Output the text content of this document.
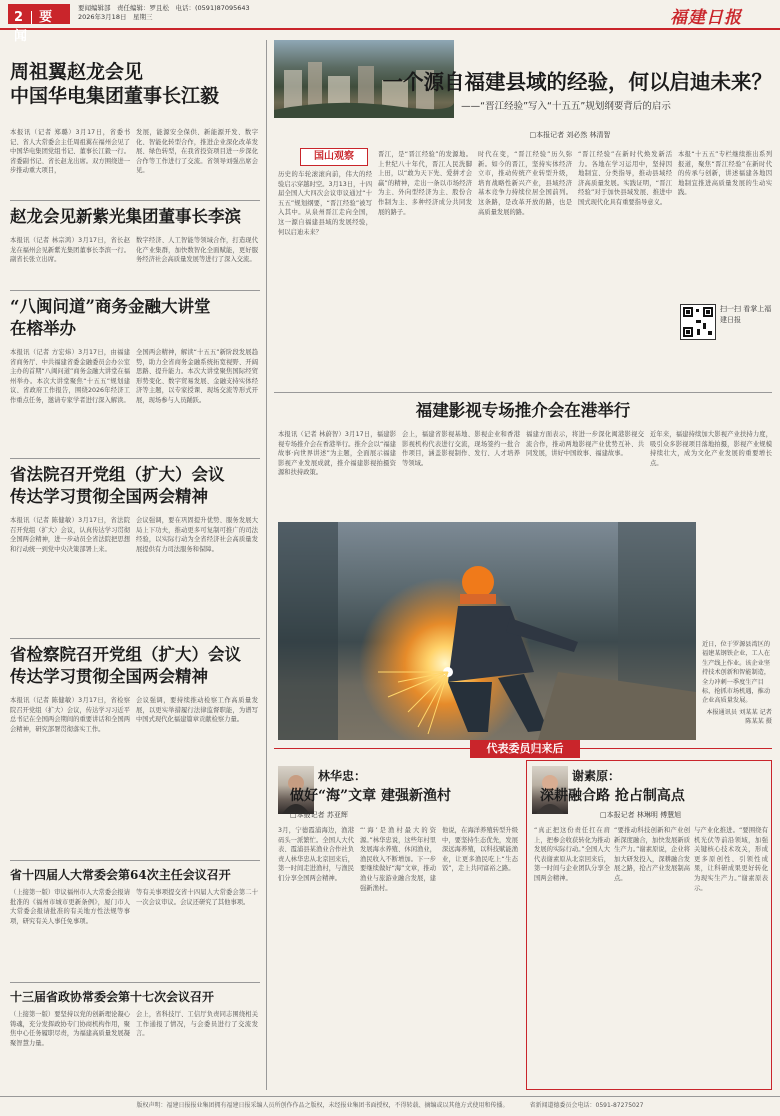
2 要闻
要闻编辑部　责任编辑：罗且松　电话：(0591)87095643
2026年3月18日　星期三	福建日报
周祖翼赵龙会见
中国华电集团董事长江毅
本报讯（记者 郑璐）3月17日，省委书记、省人大常委会主任周祖翼在福州会见了中国华电集团党组书记、董事长江毅一行。省委副书记、省长赵龙出席。双方围绕进一步推动重大项目，
发展，能源安全保供、新能源开发、数字化、智能化转型合作，推进企业深化改革发展、绿色转型，在我省投资项目进一步深化合作等工作进行了交流。省领导刘强出席会见。
赵龙会见新紫光集团董事长李滨
本报讯（记者 林宗鸿）3月17日，省长赵龙在福州会见新紫光集团董事长李滨一行。副省长张立出席。
数字经济、人工智能等领域合作，打造现代化产业集群，加快数智化全面赋能，更好服务经济社会高质量发展等进行了深入交流。
“八闽问道”商务金融大讲堂
在榕举办
本报讯（记者 方宏炜）3月17日，由福建省商务厅、中共福建省委金融委员会办公室主办的首期“八闽问道”商务金融大讲堂在福州举办。本次大讲堂聚焦“十五五”规划建议、省政府工作报告，围绕2026年经济工作重点任务，邀请专家学者进行深入解读。
全国两会精神，解读“十五五”新阶段发展趋势，助力全省商务金融系统拓宽视野、开阔思路、提升能力。本次大讲堂聚焦国际经贸形势变化、数字贸易发展、金融支持实体经济等主题，以专家授课、现场交流等形式开展，现场参与人员踊跃。
省法院召开党组（扩大）会议
传达学习贯彻全国两会精神
本报讯（记者 陈健敏）3月17日，省法院召开党组（扩大）会议，认真传达学习贯彻全国两会精神，进一步动员全省法院把思想和行动统一到党中央决策部署上来。
会议强调，要在巩固提升优势、服务发展大局上下功夫，推动更多可复制可推广的司法经验，以实际行动为全省经济社会高质量发展提供有力司法服务和保障。
省检察院召开党组（扩大）会议
传达学习贯彻全国两会精神
本报讯（记者 陈健敏）3月17日，省检察院召开党组（扩大）会议，传达学习习近平总书记在全国两会期间的重要讲话和全国两会精神，研究部署贯彻落实工作。
会议强调，要持续推动检察工作高质量发展，以更实举措履行法律监督职能，为谱写中国式现代化福建篇章贡献检察力量。
省十四届人大常委会第64次主任会议召开
（上接第一版）审议福州市人大常委会报请批准的《福州市城市更新条例》，厦门市人大常委会报请批准的有关地方性法规等事项，研究有关人事任免事项。
等有关事项提交省十四届人大常委会第二十一次会议审议。会议还研究了其他事项。
十三届省政协常委会第十七次会议召开
（上接第一版）要坚持以党的创新理论凝心铸魂，充分发挥政协专门协商机构作用，聚焦中心任务履职尽责，为福建高质量发展凝聚智慧力量。
会上，省科技厅、工信厅负责同志围绕相关工作通报了情况，与会委员进行了交流发言。
一个源自福建县域的经验，何以启迪未来？
——“晋江经验”写入“十五五”规划纲要背后的启示
□本报记者 刘必然 林清智
国山观察
历史的车轮滚滚向前，伟大的经验启示穿越时空。3月13日，十四届全国人大四次会议审议通过“十五五”规划纲要，“晋江经验”被写入其中。从泉州晋江走向全国，这一源自福建县域的发展经验，何以启迪未来？
晋江，是“晋江经验”的发源地。上世纪八十年代，晋江人民洗脚上田，以“敢为天下先、爱拼才会赢”的精神，走出一条以市场经济为主、外向型经济为主、股份合作制为主、多种经济成分共同发展的路子。
时代在变，“晋江经验”历久弥新。如今的晋江，坚持实体经济立市，推动传统产业转型升级，培育战略性新兴产业，县域经济基本竞争力持续位居全国前列。这条路，是改革开放的路，也是高质量发展的路。
“晋江经验”在新时代焕发新活力。各地在学习运用中，坚持因地制宜、分类指导，推动县域经济高质量发展。实践证明，“晋江经验”对于加快县域发展、推进中国式现代化具有重要指导意义。
本报“十五五”专栏继续推出系列报道，聚焦“晋江经验”在新时代的传承与创新，讲述福建各地因地制宜推进高质量发展的生动实践。
扫一扫 看掌上福建日报
福建影视专场推介会在港举行
本报讯（记者 林蔚智）3月17日，福建影视专场推介会在香港举行。推介会以“福建故事·向世界讲述”为主题，全面展示福建影视产业发展成就，推介福建影视拍摄资源和扶持政策。
会上，福建省影视基地、影视企业和香港影视机构代表进行交流，现场签约一批合作项目，涵盖影视制作、发行、人才培养等领域。
福建方面表示，将进一步深化闽港影视交流合作，推动两地影视产业优势互补、共同发展，讲好中国故事、福建故事。
近年来，福建持续加大影视产业扶持力度，吸引众多影视项目落地拍摄，影视产业规模持续壮大，成为文化产业发展的重要增长点。
近日，位于罗源县湾区的福建某钢铁企业，工人在生产线上作业。该企业坚持技术创新和智能制造，全力冲刺一季度生产目标，抢抓市场机遇，推动企业高质量发展。
本报通讯员 刘某某 记者 陈某某 摄
代表委员归来后
林华忠：
做好“海”文章 建强新渔村
□本报记者 苏亚辉
3月，宁德霞浦海边，渔港码头一派繁忙。全国人大代表、霞浦县某渔业合作社负责人林华忠从北京回来后，第一时间走进渔村，与渔民们分享全国两会精神。
“‘海’是渔村最大的资源。”林华忠说，这些年村里发展海水养殖、休闲渔业，渔民收入不断增加。下一步要继续做好“海”文章，推动渔业与旅游业融合发展，建强新渔村。
他说，在海洋养殖转型升级中，要坚持生态优先，发展深远海养殖，以科技赋能渔业，让更多渔民吃上“生态饭”，走上共同富裕之路。
谢素原：
深耕融合路 抢占制高点
□本报记者 林琳明 傅慧旭
“真正把这份责任扛在肩上，把参会收获转化为推动发展的实际行动。”全国人大代表谢素原从北京回来后，第一时间与企业团队分享全国两会精神。
“要推动科技创新和产业创新深度融合，加快发展新质生产力。”谢素原说，企业将加大研发投入，深耕融合发展之路，抢占产业发展制高点。
与产业化推进。“要围绕有机光伏等前沿领域，加强关键核心技术攻关，形成更多原创性、引领性成果，让科研成果更好转化为现实生产力。”谢素原表示。
版权声明：福建日报报业集团拥有福建日报采编人员所创作作品之版权，未经报业集团书面授权，不得转载、摘编或以其他方式使用和传播。　　　　省新闻道德委员会电话：0591-87275027
